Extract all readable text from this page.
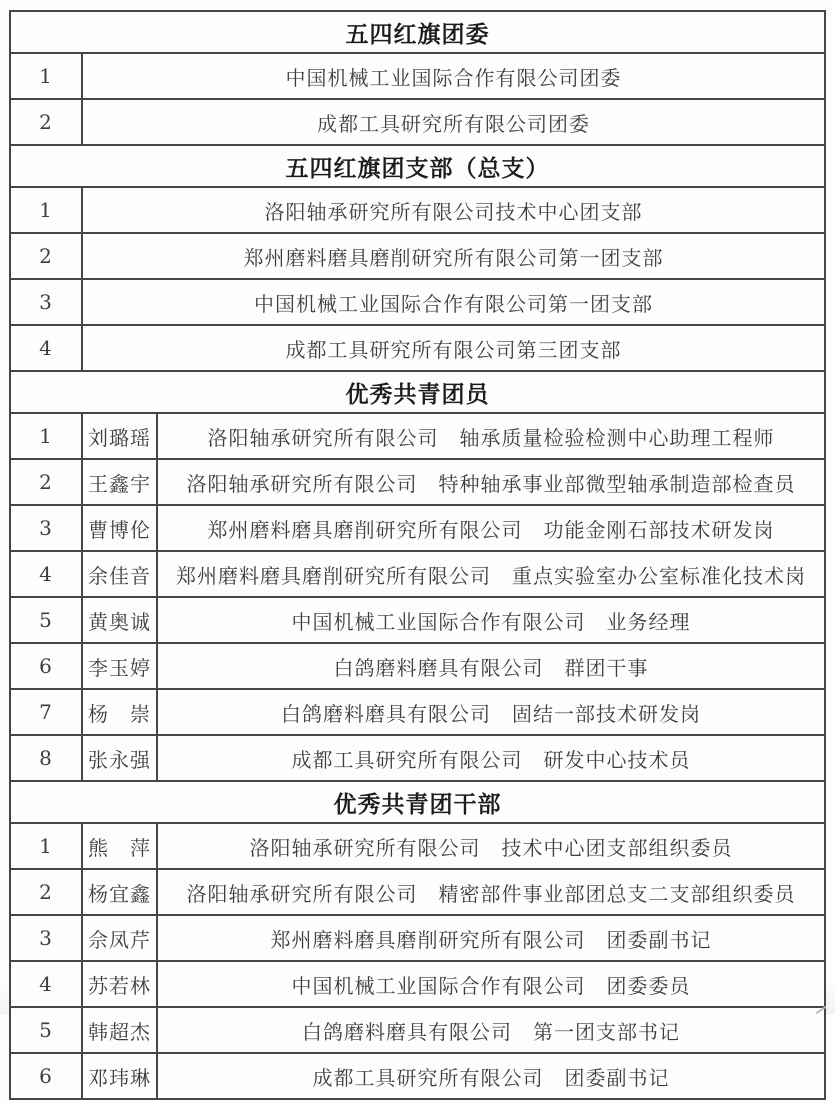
五四红旗团委		
1	中国机械工业国际合作有限公司团委	
2	成都工具研究所有限公司团委	
五四红旗团支部（总支）		
1	洛阳轴承研究所有限公司技术中心团支部	
2	郑州磨料磨具磨削研究所有限公司第一团支部	
3	中国机械工业国际合作有限公司第一团支部	
4	成都工具研究所有限公司第三团支部	
优秀共青团员		
1	刘璐瑶	洛阳轴承研究所有限公司　轴承质量检验检测中心助理工程师
2	王鑫宇	洛阳轴承研究所有限公司　特种轴承事业部微型轴承制造部检查员
3	曹博伦	郑州磨料磨具磨削研究所有限公司　功能金刚石部技术研发岗
4	余佳音	郑州磨料磨具磨削研究所有限公司　重点实验室办公室标准化技术岗
5	黄奥诚	中国机械工业国际合作有限公司　业务经理
6	李玉婷	白鸽磨料磨具有限公司　群团干事
7	杨　崇	白鸽磨料磨具有限公司　固结一部技术研发岗
8	张永强	成都工具研究所有限公司　研发中心技术员
优秀共青团干部		
1	熊　萍	洛阳轴承研究所有限公司　技术中心团支部组织委员
2	杨宜鑫	洛阳轴承研究所有限公司　精密部件事业部团总支二支部组织委员
3	佘凤芹	郑州磨料磨具磨削研究所有限公司　团委副书记
4	苏若林	中国机械工业国际合作有限公司　团委委员
5	韩超杰	白鸽磨料磨具有限公司　第一团支部书记
6	邓玮琳	成都工具研究所有限公司　团委副书记
